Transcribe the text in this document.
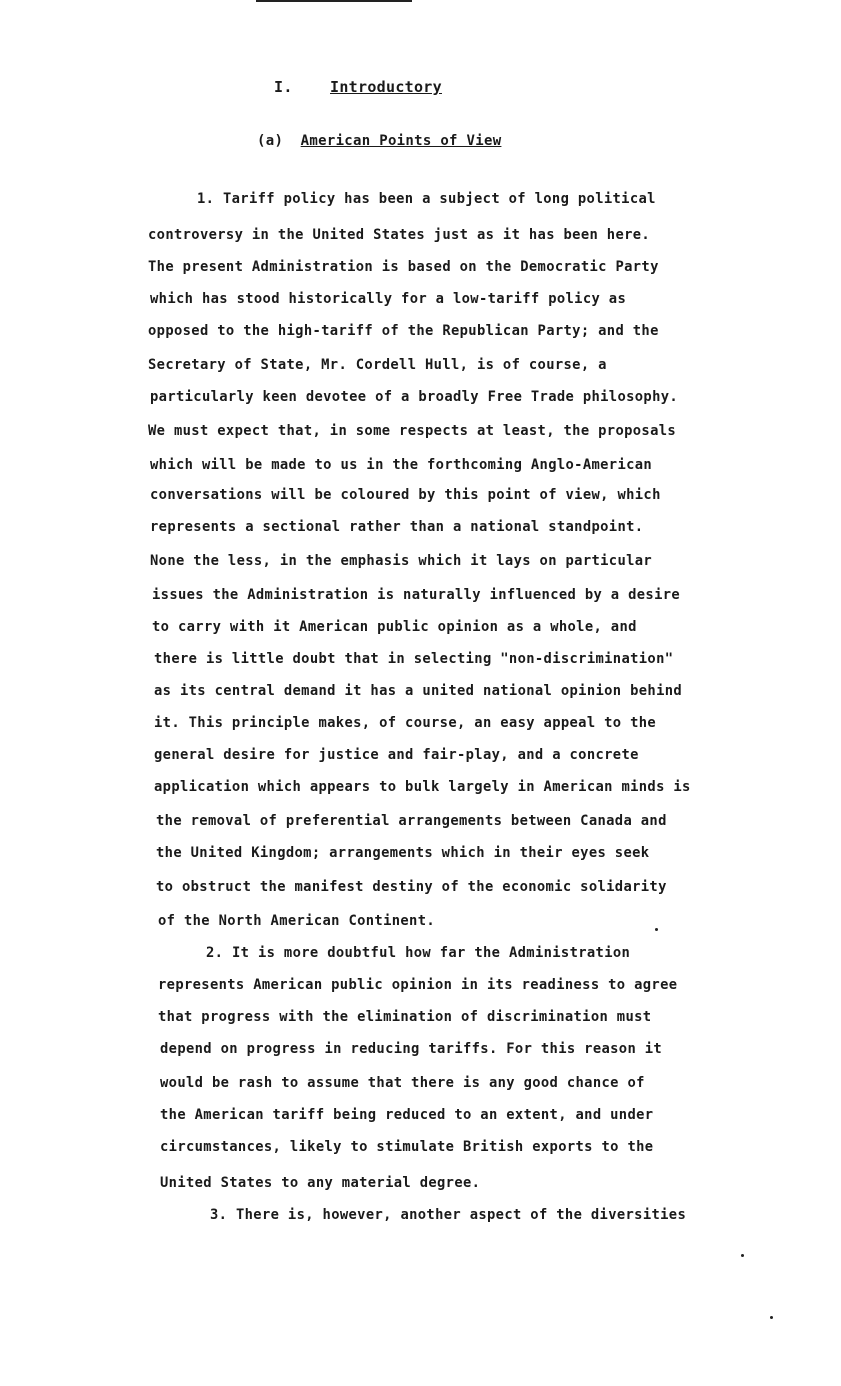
I. Introductory
(a) American Points of View
1. Tariff policy has been a subject of long political
controversy in the United States just as it has been here.
The present Administration is based on the Democratic Party
which has stood historically for a low-tariff policy as
opposed to the high-tariff of the Republican Party; and the
Secretary of State, Mr. Cordell Hull, is of course, a
particularly keen devotee of a broadly Free Trade philosophy.
We must expect that, in some respects at least, the proposals
which will be made to us in the forthcoming Anglo-American
conversations will be coloured by this point of view, which
represents a sectional rather than a national standpoint.
None the less, in the emphasis which it lays on particular
issues the Administration is naturally influenced by a desire
to carry with it American public opinion as a whole, and
there is little doubt that in selecting "non-discrimination"
as its central demand it has a united national opinion behind
it. This principle makes, of course, an easy appeal to the
general desire for justice and fair-play, and a concrete
application which appears to bulk largely in American minds is
the removal of preferential arrangements between Canada and
the United Kingdom; arrangements which in their eyes seek
to obstruct the manifest destiny of the economic solidarity
of the North American Continent.
2. It is more doubtful how far the Administration
represents American public opinion in its readiness to agree
that progress with the elimination of discrimination must
depend on progress in reducing tariffs. For this reason it
would be rash to assume that there is any good chance of
the American tariff being reduced to an extent, and under
circumstances, likely to stimulate British exports to the
United States to any material degree.
3. There is, however, another aspect of the diversities
